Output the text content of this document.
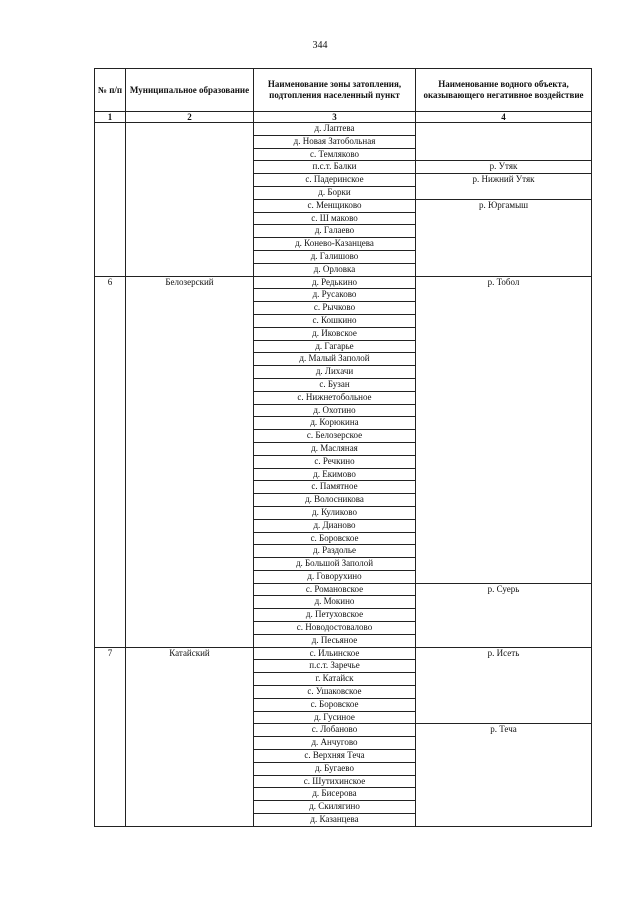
344
№ п/п	Муниципальное образование	Наименование зоны затопления, подтопления населенный пункт	Наименование водного объекта, оказывающего негативное воздействие
1	2	3	4
		д. Лаптева	
		д. Новая Затобольная	
		с. Темляково	
		п.с.т. Балки	р. Утяк
		с. Падеринское	р. Нижний Утяк
		д. Борки	
		с. Менщиково	р. Юргамыш
		с. Ш маково	
		д. Галаево	
		д. Конево-Казанцева	
		д. Галишово	
		д. Орловка	
6	Белозерский	д. Редькино	р. Тобол
		д. Русаково	
		с. Рычково	
		с. Кошкино	
		д. Иковское	
		д. Гагарье	
		д. Малый Заполой	
		д. Лихачи	
		с. Бузан	
		с. Нижнетобольное	
		д. Охотино	
		д. Корюкина	
		с. Белозерское	
		д. Масляная	
		с. Речкино	
		д. Екимово	
		с. Памятное	
		д. Волосникова	
		д. Куликово	
		д. Дианово	
		с. Боровское	
		д. Раздолье	
		д. Большой Заполой	
		д. Говорухино	
		с. Романовское	р. Суерь
		д. Мокино	
		д. Петуховское	
		с. Новодостовалово	
		д. Песьяное	
7	Катайский	с. Ильинское	р. Исеть
		п.с.т. Заречье	
		г. Катайск	
		с. Ушаковское	
		с. Боровское	
		д. Гусиное	
		с. Лобаново	р. Теча
		д. Анчугово	
		с. Верхняя Теча	
		д. Бугаево	
		с. Шутихинское	
		д. Бисерова	
		д. Скилягино	
		д. Казанцева	
